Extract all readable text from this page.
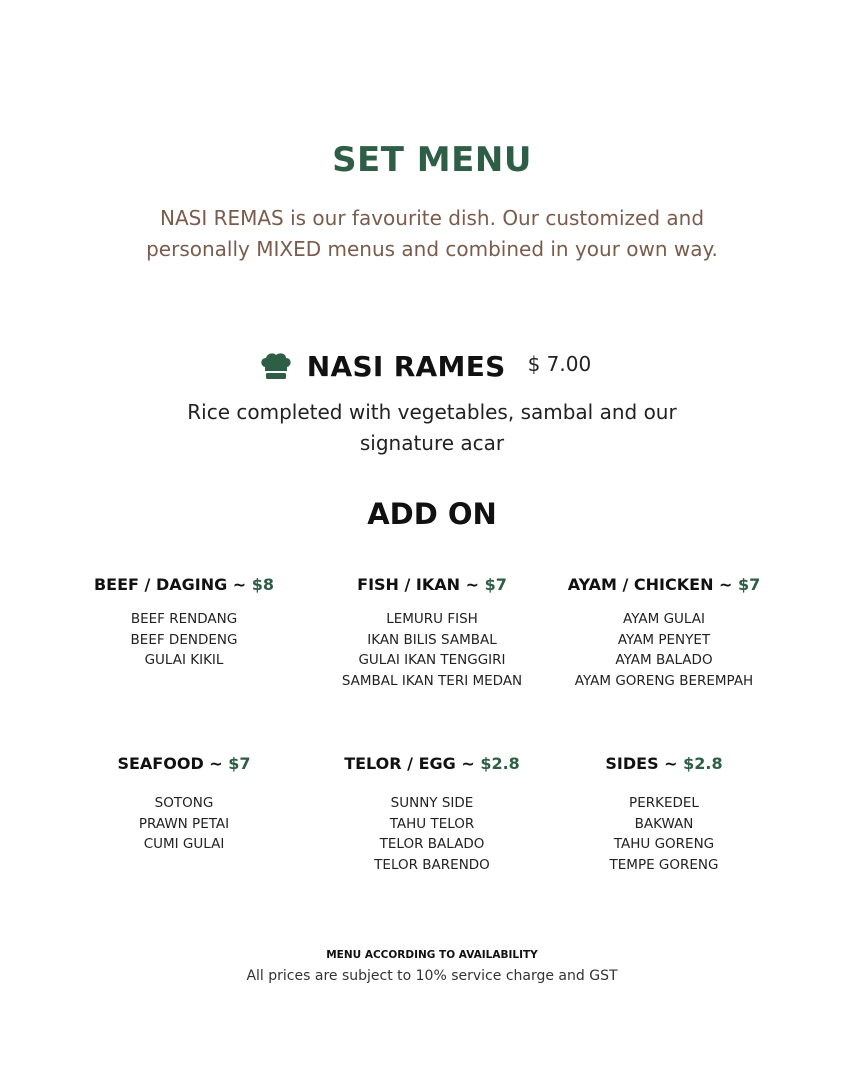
SET MENU
NASI REMAS is our favourite dish. Our customized and personally MIXED menus and combined in your own way.
NASI RAMES $ 7.00
Rice completed with vegetables, sambal and our signature acar
ADD ON
BEEF / DAGING ~ $8
BEEF RENDANG
BEEF DENDENG
GULAI KIKIL
FISH / IKAN ~ $7
LEMURU FISH
IKAN BILIS SAMBAL
GULAI IKAN TENGGIRI
SAMBAL IKAN TERI MEDAN
AYAM / CHICKEN ~ $7
AYAM GULAI
AYAM PENYET
AYAM BALADO
AYAM GORENG BEREMPAH
SEAFOOD ~ $7
SOTONG
PRAWN PETAI
CUMI GULAI
TELOR / EGG ~ $2.8
SUNNY SIDE
TAHU TELOR
TELOR BALADO
TELOR BARENDO
SIDES ~ $2.8
PERKEDEL
BAKWAN
TAHU GORENG
TEMPE GORENG
MENU ACCORDING TO AVAILABILITY
All prices are subject to 10% service charge and GST
